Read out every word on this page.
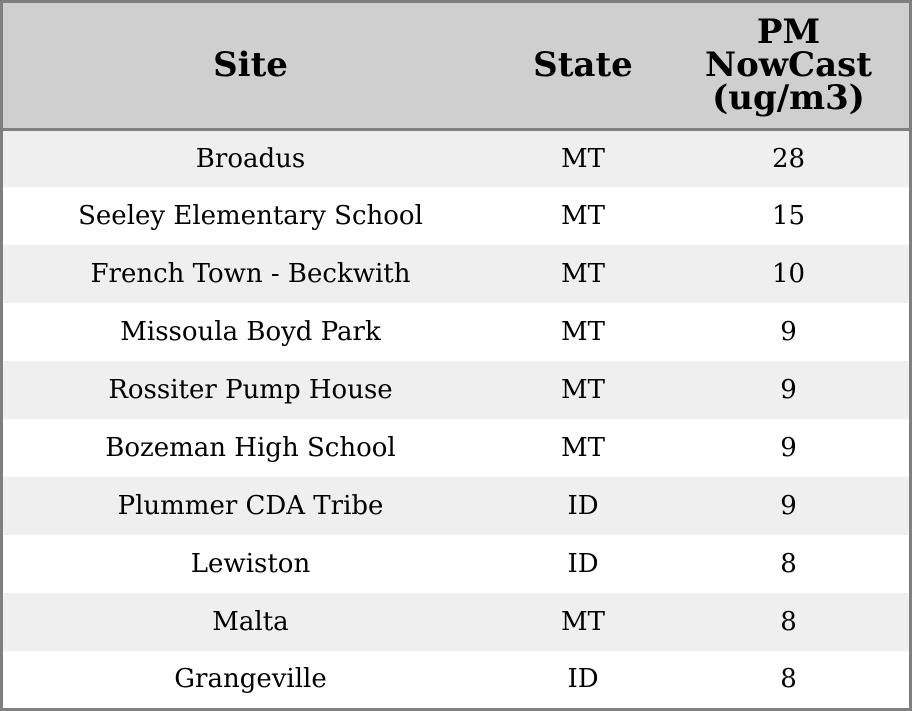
Site	State	PM
NowCast
(ug/m3)
Broadus	MT	28
Seeley Elementary School	MT	15
French Town - Beckwith	MT	10
Missoula Boyd Park	MT	9
Rossiter Pump House	MT	9
Bozeman High School	MT	9
Plummer CDA Tribe	ID	9
Lewiston	ID	8
Malta	MT	8
Grangeville	ID	8
